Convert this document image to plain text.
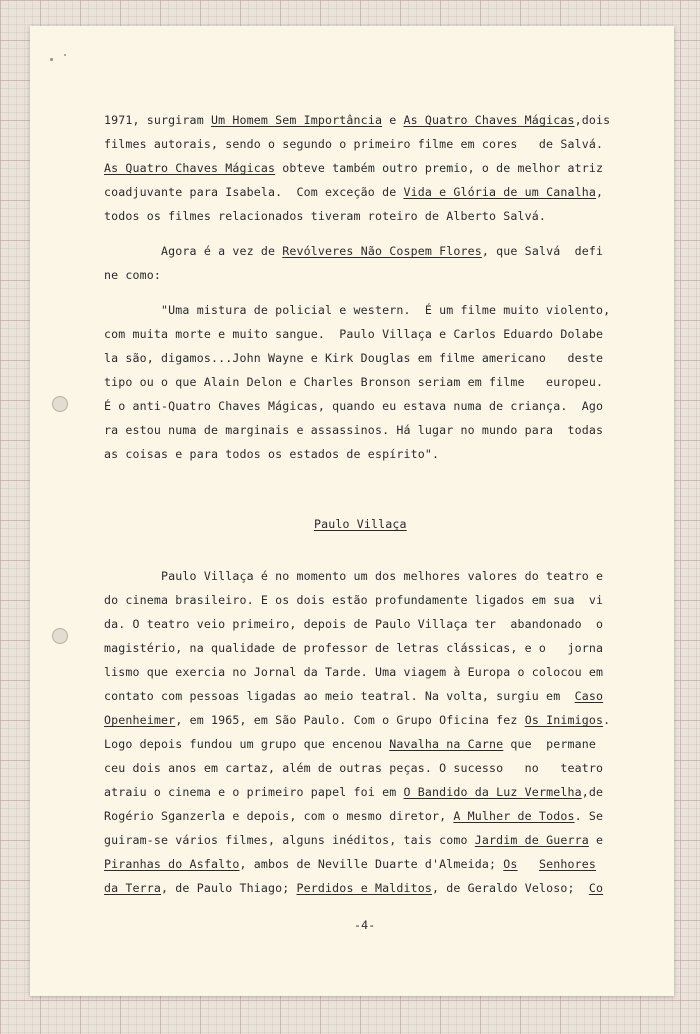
1971, surgiram Um Homem Sem Importância e As Quatro Chaves Mágicas,dois
filmes autorais, sendo o segundo o primeiro filme em cores   de Salvá.
As Quatro Chaves Mágicas obteve também outro premio, o de melhor atriz
coadjuvante para Isabela.  Com exceção de Vida e Glória de um Canalha,
todos os filmes relacionados tiveram roteiro de Alberto Salvá.
Agora é a vez de Revólveres Não Cospem Flores, que Salvá  defi
ne como:
"Uma mistura de policial e western.  É um filme muito violento,
com muita morte e muito sangue.  Paulo Villaça e Carlos Eduardo Dolabe
la são, digamos...John Wayne e Kirk Douglas em filme americano   deste
tipo ou o que Alain Delon e Charles Bronson seriam em filme   europeu.
É o anti-Quatro Chaves Mágicas, quando eu estava numa de criança.  Ago
ra estou numa de marginais e assassinos. Há lugar no mundo para  todas
as coisas e para todos os estados de espírito".
Paulo Villaça
Paulo Villaça é no momento um dos melhores valores do teatro e
do cinema brasileiro. E os dois estão profundamente ligados em sua  vi
da. O teatro veio primeiro, depois de Paulo Villaça ter  abandonado  o
magistério, na qualidade de professor de letras clássicas, e o   jorna
lismo que exercia no Jornal da Tarde. Uma viagem à Europa o colocou em
contato com pessoas ligadas ao meio teatral. Na volta, surgiu em  Caso
Openheimer, em 1965, em São Paulo. Com o Grupo Oficina fez Os Inimigos.
Logo depois fundou um grupo que encenou Navalha na Carne que  permane
ceu dois anos em cartaz, além de outras peças. O sucesso   no   teatro
atraiu o cinema e o primeiro papel foi em O Bandido da Luz Vermelha,de
Rogério Sganzerla e depois, com o mesmo diretor, A Mulher de Todos. Se
guiram-se vários filmes, alguns inéditos, tais como Jardim de Guerra e
Piranhas do Asfalto, ambos de Neville Duarte d'Almeida; Os Senhores
da Terra, de Paulo Thiago; Perdidos e Malditos, de Geraldo Veloso;  Co
-4-
